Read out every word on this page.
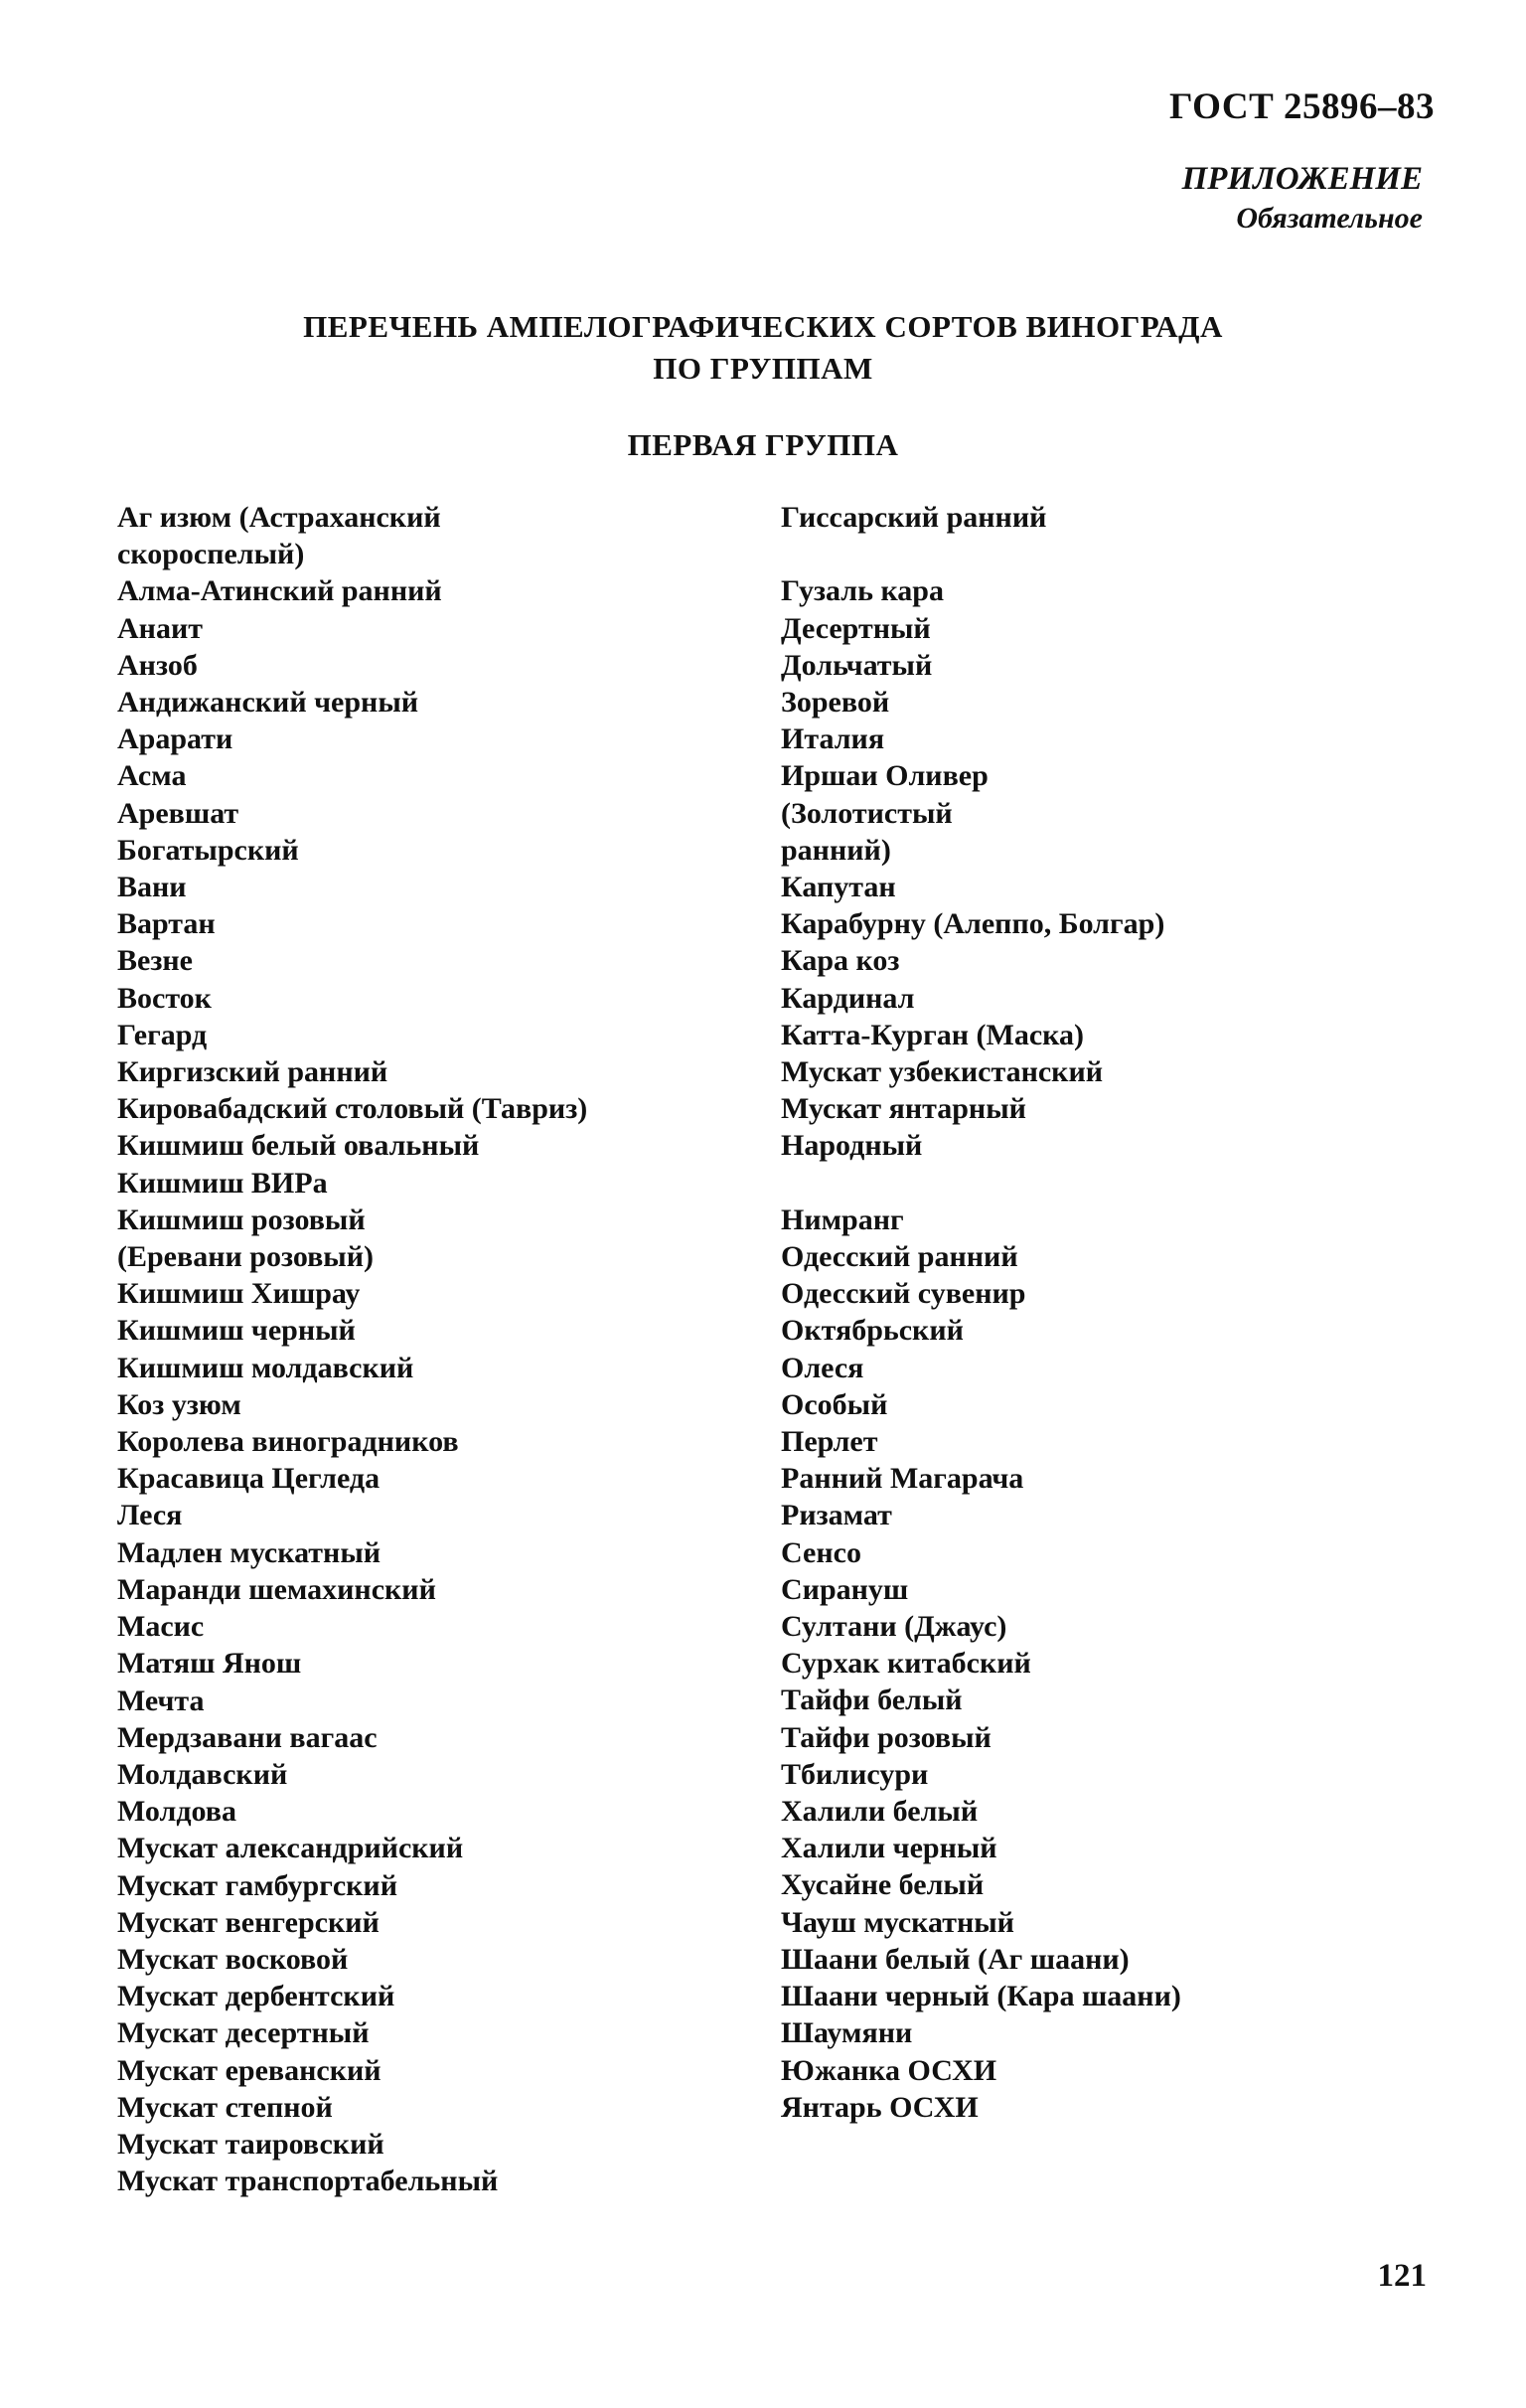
ГОСТ 25896–83
ПРИЛОЖЕНИЕ
Обязательное
ПЕРЕЧЕНЬ АМПЕЛОГРАФИЧЕСКИХ СОРТОВ ВИНОГРАДА
ПО ГРУППАМ
ПЕРВАЯ ГРУППА
Аг изюм (Астраханский
скороспелый)
Алма-Атинский ранний
Анаит
Анзоб
Андижанский черный
Арарати
Асма
Аревшат
Богатырский
Вани
Вартан
Везне
Восток
Гегард
Киргизский ранний
Кировабадский столовый (Тавриз)
Кишмиш белый овальный
Кишмиш ВИРа
Кишмиш розовый
(Еревани розовый)
Кишмиш Хишрау
Кишмиш черный
Кишмиш молдавский
Коз узюм
Королева виноградников
Красавица Цегледа
Леся
Мадлен мускатный
Маранди шемахинский
Масис
Матяш Янош
Мечта
Мердзавани вагаас
Молдавский
Молдова
Мускат александрийский
Мускат гамбургский
Мускат венгерский
Мускат восковой
Мускат дербентский
Мускат десертный
Мускат ереванский
Мускат степной
Мускат таировский
Мускат транспортабельный
Гиссарский ранний
Гузаль кара
Десертный
Дольчатый
Зоревой
Италия
Иршаи Оливер
(Золотистый
ранний)
Капутан
Карабурну (Алеппо, Болгар)
Кара коз
Кардинал
Катта-Курган (Маска)
Мускат узбекистанский
Мускат янтарный
Народный
Нимранг
Одесский ранний
Одесский сувенир
Октябрьский
Олеся
Особый
Перлет
Ранний Магарача
Ризамат
Сенсо
Сирануш
Султани (Джаус)
Сурхак китабский
Тайфи белый
Тайфи розовый
Тбилисури
Халили белый
Халили черный
Хусайне белый
Чауш мускатный
Шаани белый (Аг шаани)
Шаани черный (Кара шаани)
Шаумяни
Южанка ОСХИ
Янтарь ОСХИ
121
